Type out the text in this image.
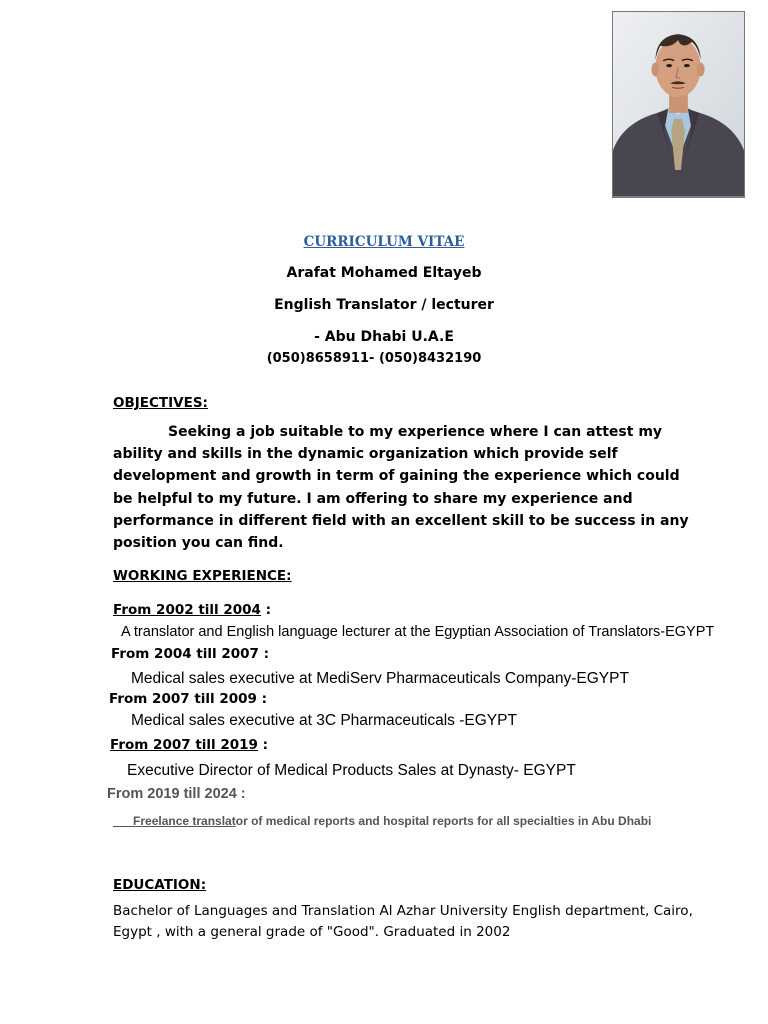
CURRICULUM VITAE
Arafat Mohamed Eltayeb
English Translator / lecturer
- Abu Dhabi U.A.E
(050)8658911- (050)8432190
OBJECTIVES:
Seeking a job suitable to my experience where I can attest my
ability and skills in the dynamic organization which provide self
development and growth in term of gaining the experience which could
be helpful to my future. I am offering to share my experience and
performance in different field with an excellent skill to be success in any
position you can find.
WORKING EXPERIENCE:
From 2002 till 2004 :
A translator and English language lecturer at the Egyptian Association of Translators-EGYPT
From 2004 till 2007 :
Medical sales executive at MediServ Pharmaceuticals Company-EGYPT
From 2007 till 2009 :
Medical sales executive at 3C Pharmaceuticals -EGYPT
From 2007 till 2019 :
Executive Director of Medical Products Sales at Dynasty- EGYPT
From 2019 till 2024 :
Freelance translator of medical reports and hospital reports for all specialties in Abu Dhabi
EDUCATION:
Bachelor of Languages and Translation Al Azhar University English department, Cairo,
Egypt , with a general grade of "Good". Graduated in 2002
